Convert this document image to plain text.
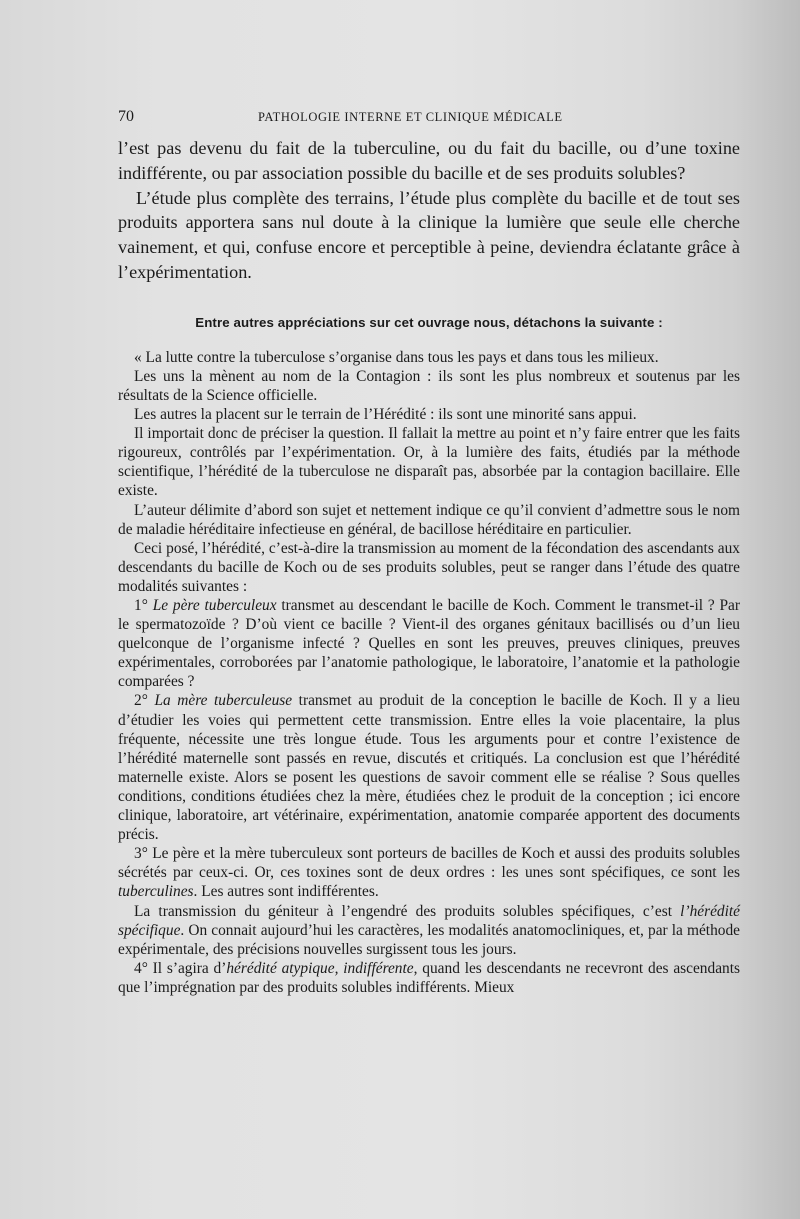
70	PATHOLOGIE INTERNE ET CLINIQUE MÉDICALE

l’est pas devenu du fait de la tuberculine, ou du fait du bacille, ou d’une toxine indifférente, ou par association possible du bacille et de ses produits solubles?

L’étude plus complète des terrains, l’étude plus complète du bacille et de tout ses produits apportera sans nul doute à la clinique la lumière que seule elle cherche vainement, et qui, confuse encore et perceptible à peine, deviendra éclatante grâce à l’expérimentation.

Entre autres appréciations sur cet ouvrage nous, détachons la suivante :

« La lutte contre la tuberculose s’organise dans tous les pays et dans tous les milieux.

Les uns la mènent au nom de la Contagion : ils sont les plus nombreux et soutenus par les résultats de la Science officielle.

Les autres la placent sur le terrain de l’Hérédité : ils sont une minorité sans appui.

Il importait donc de préciser la question. Il fallait la mettre au point et n’y faire entrer que les faits rigoureux, contrôlés par l’expérimentation. Or, à la lumière des faits, étudiés par la méthode scientifique, l’hérédité de la tuberculose ne disparaît pas, absorbée par la contagion bacillaire. Elle existe.

L’auteur délimite d’abord son sujet et nettement indique ce qu’il convient d’admettre sous le nom de maladie héréditaire infectieuse en général, de bacillose héréditaire en particulier.

Ceci posé, l’hérédité, c’est-à-dire la transmission au moment de la fécondation des ascendants aux descendants du bacille de Koch ou de ses produits solubles, peut se ranger dans l’étude des quatre modalités suivantes :

1° Le père tuberculeux transmet au descendant le bacille de Koch. Comment le transmet-il ? Par le spermatozoïde ? D’où vient ce bacille ? Vient-il des organes génitaux bacillisés ou d’un lieu quelconque de l’organisme infecté ? Quelles en sont les preuves, preuves cliniques, preuves expérimentales, corroborées par l’anatomie pathologique, le laboratoire, l’anatomie et la pathologie comparées ?

2° La mère tuberculeuse transmet au produit de la conception le bacille de Koch. Il y a lieu d’étudier les voies qui permettent cette transmission. Entre elles la voie placentaire, la plus fréquente, nécessite une très longue étude. Tous les arguments pour et contre l’existence de l’hérédité maternelle sont passés en revue, discutés et critiqués. La conclusion est que l’hérédité maternelle existe. Alors se posent les questions de savoir comment elle se réalise ? Sous quelles conditions, conditions étudiées chez la mère, étudiées chez le produit de la conception ; ici encore clinique, laboratoire, art vétérinaire, expérimentation, anatomie comparée apportent des documents précis.

3° Le père et la mère tuberculeux sont porteurs de bacilles de Koch et aussi des produits solubles sécrétés par ceux-ci. Or, ces toxines sont de deux ordres : les unes sont spécifiques, ce sont les tuberculines. Les autres sont indifférentes.

La transmission du géniteur à l’engendré des produits solubles spécifiques, c’est l’hérédité spécifique. On connait aujourd’hui les caractères, les modalités anatomocliniques, et, par la méthode expérimentale, des précisions nouvelles surgissent tous les jours.

4° Il s’agira d’hérédité atypique, indifférente, quand les descendants ne recevront des ascendants que l’imprégnation par des produits solubles indifférents. Mieux
